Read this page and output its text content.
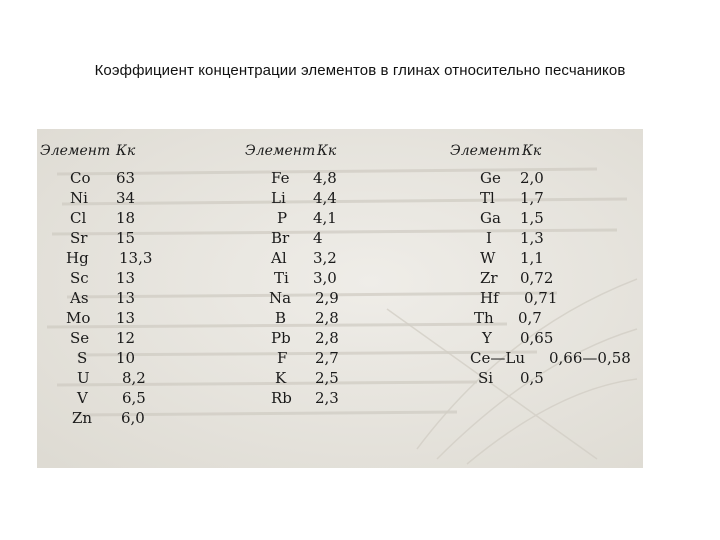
Коэффициент концентрации элементов в глинах относительно песчаников
Элемент Кк
Co 63
Ni 34
Cl 18
Sr 15
Hg 13,3
Sc 13
As 13
Mo 13
Se 12
S 10
U 8,2
V 6,5
Zn 6,0
Элемент Кк
Fe 4,8
Li 4,4
P 4,1
Br 4
Al 3,2
Ti 3,0
Na 2,9
B 2,8
Pb 2,8
F 2,7
K 2,5
Rb 2,3
Элемент Кк
Ge 2,0
Tl 1,7
Ga 1,5
I 1,3
W 1,1
Zr 0,72
Hf 0,71
Th 0,7
Y 0,65
Ce—Lu 0,66—0,58
Si 0,5
